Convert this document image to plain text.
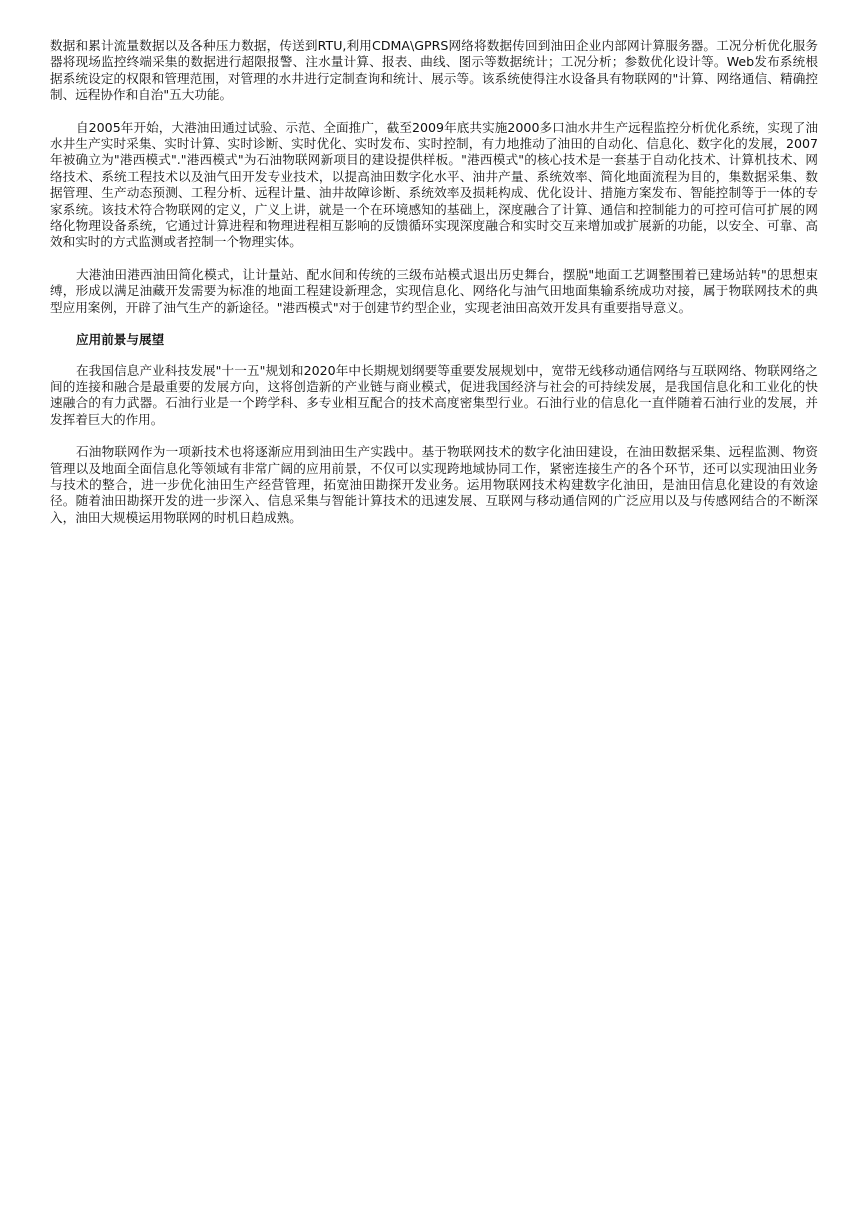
数据和累计流量数据以及各种压力数据，传送到RTU,利用CDMA\GPRS网络将数据传回到油田企业内部网计算服务器。工况分析优化服务器将现场监控终端采集的数据进行超限报警、注水量计算、报表、曲线、图示等数据统计；工况分析；参数优化设计等。Web发布系统根据系统设定的权限和管理范围，对管理的水井进行定制查询和统计、展示等。该系统使得注水设备具有物联网的"计算、网络通信、精确控制、远程协作和自治"五大功能。

自2005年开始，大港油田通过试验、示范、全面推广，截至2009年底共实施2000多口油水井生产远程监控分析优化系统，实现了油水井生产实时采集、实时计算、实时诊断、实时优化、实时发布、实时控制，有力地推动了油田的自动化、信息化、数字化的发展，2007年被确立为"港西模式"."港西模式"为石油物联网新项目的建设提供样板。"港西模式"的核心技术是一套基于自动化技术、计算机技术、网络技术、系统工程技术以及油气田开发专业技术，以提高油田数字化水平、油井产量、系统效率、简化地面流程为目的，集数据采集、数据管理、生产动态预测、工程分析、远程计量、油井故障诊断、系统效率及损耗构成、优化设计、措施方案发布、智能控制等于一体的专家系统。该技术符合物联网的定义，广义上讲，就是一个在环境感知的基础上，深度融合了计算、通信和控制能力的可控可信可扩展的网络化物理设备系统，它通过计算进程和物理进程相互影响的反馈循环实现深度融合和实时交互来增加或扩展新的功能，以安全、可靠、高效和实时的方式监测或者控制一个物理实体。

大港油田港西油田简化模式，让计量站、配水间和传统的三级布站模式退出历史舞台，摆脱"地面工艺调整围着已建场站转"的思想束缚，形成以满足油藏开发需要为标准的地面工程建设新理念，实现信息化、网络化与油气田地面集输系统成功对接，属于物联网技术的典型应用案例，开辟了油气生产的新途径。"港西模式"对于创建节约型企业，实现老油田高效开发具有重要指导意义。

应用前景与展望

在我国信息产业科技发展"十一五"规划和2020年中长期规划纲要等重要发展规划中，宽带无线移动通信网络与互联网络、物联网络之间的连接和融合是最重要的发展方向，这将创造新的产业链与商业模式，促进我国经济与社会的可持续发展，是我国信息化和工业化的快速融合的有力武器。石油行业是一个跨学科、多专业相互配合的技术高度密集型行业。石油行业的信息化一直伴随着石油行业的发展，并发挥着巨大的作用。

石油物联网作为一项新技术也将逐渐应用到油田生产实践中。基于物联网技术的数字化油田建设，在油田数据采集、远程监测、物资管理以及地面全面信息化等领域有非常广阔的应用前景，不仅可以实现跨地域协同工作，紧密连接生产的各个环节，还可以实现油田业务与技术的整合，进一步优化油田生产经营管理，拓宽油田勘探开发业务。运用物联网技术构建数字化油田，是油田信息化建设的有效途径。随着油田勘探开发的进一步深入、信息采集与智能计算技术的迅速发展、互联网与移动通信网的广泛应用以及与传感网结合的不断深入，油田大规模运用物联网的时机日趋成熟。
